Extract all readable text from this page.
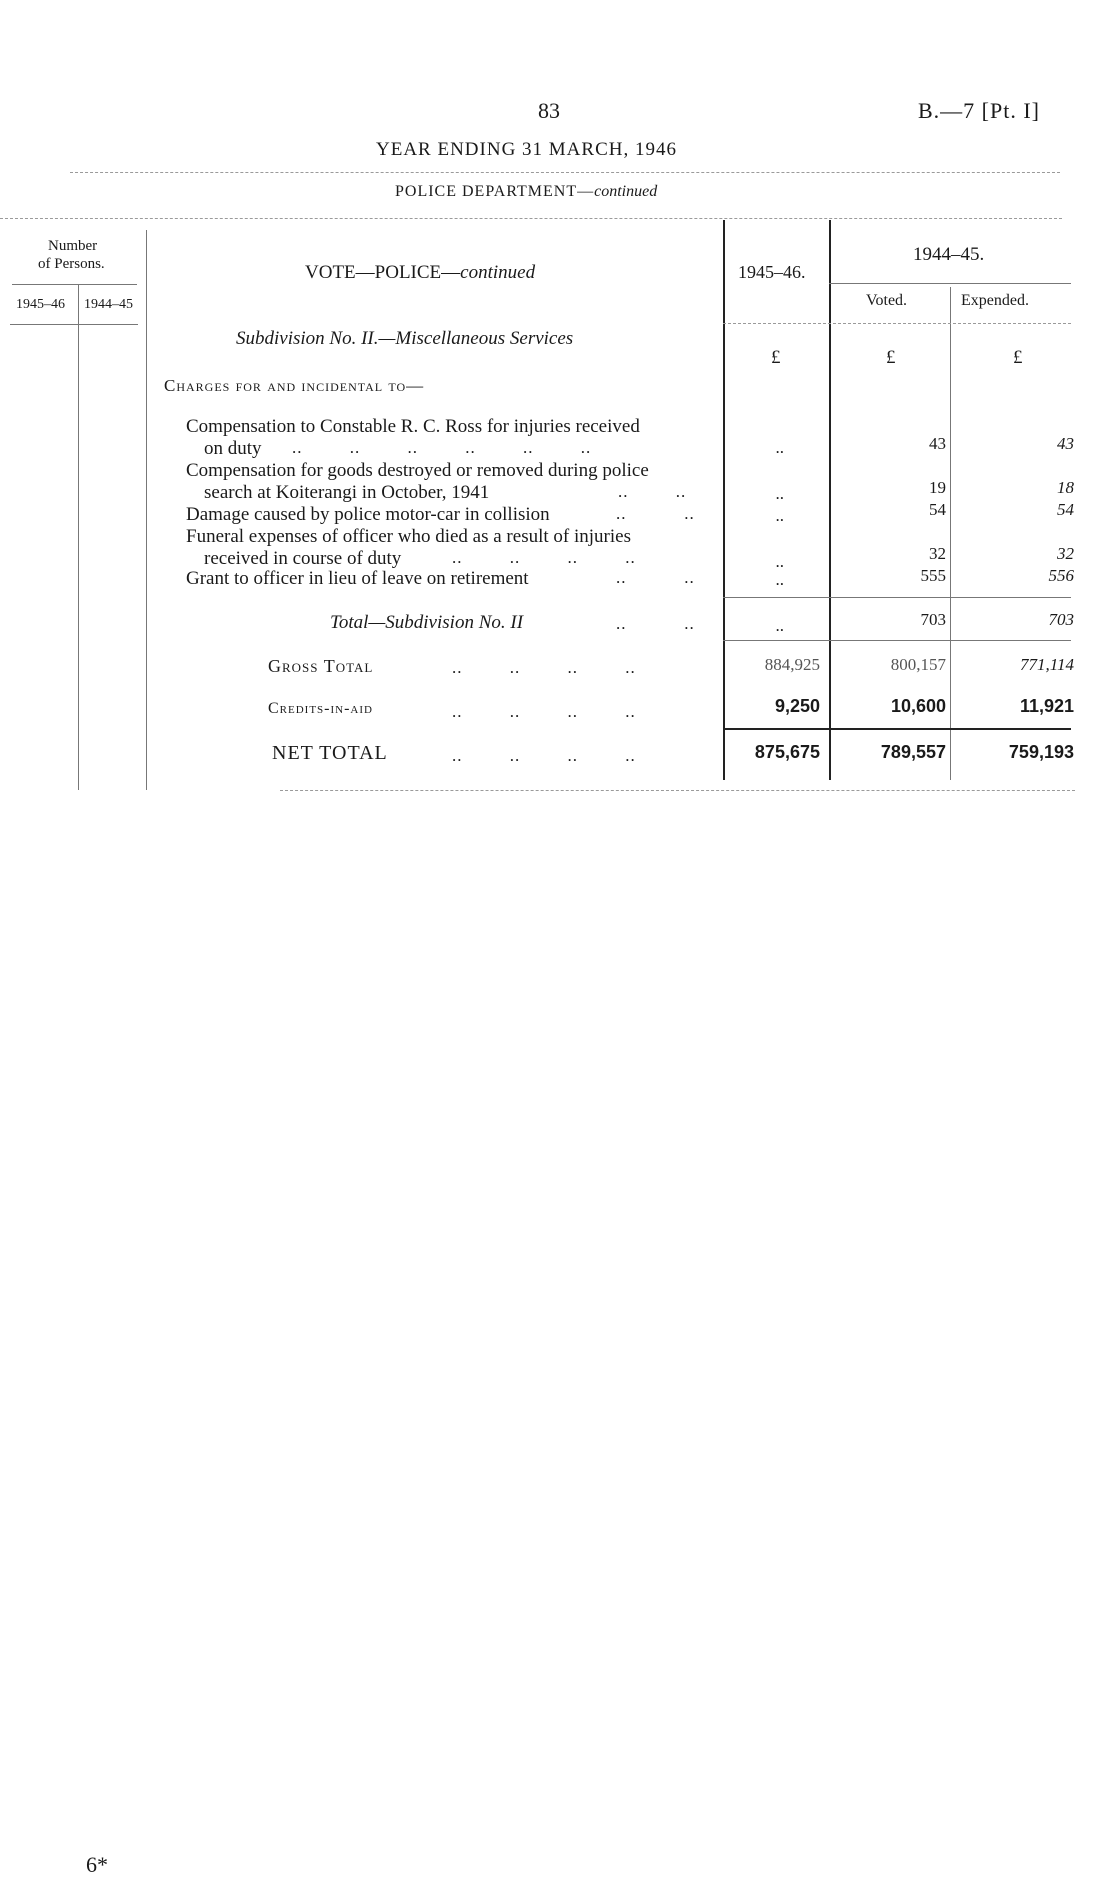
83	B.—7 [Pt. I]
YEAR ENDING 31 MARCH, 1946
POLICE DEPARTMENT—continued
Number
of Persons.
1945–46 1944–45
VOTE—POLICE—continued	1945–46.
1944–45.
Voted.	Expended.
£	£	£
Subdivision No. II.—Miscellaneous Services
Charges for and incidental to—
Compensation to Constable R. C. Ross for injuries received
on duty ..         ..         ..         ..         ..         ..	..	43	43
Compensation for goods destroyed or removed during police
search at Koiterangi in October, 1941	..         ..	..	19	18
Damage caused by police motor-car in collision	..           ..	..	54	54
Funeral expenses of officer who died as a result of injuries
received in course of duty	..         ..         ..         ..	..	32	32
Grant to officer in lieu of leave on retirement	..           ..	..	555	556
Total—Subdivision No. II	..           ..	..	703	703
Gross Total	..         ..         ..         ..	884,925	800,157	771,114
Credits-in-aid	..         ..         ..         ..	9,250	10,600	11,921
NET TOTAL	..         ..         ..         ..	875,675	789,557	759,193
6*
